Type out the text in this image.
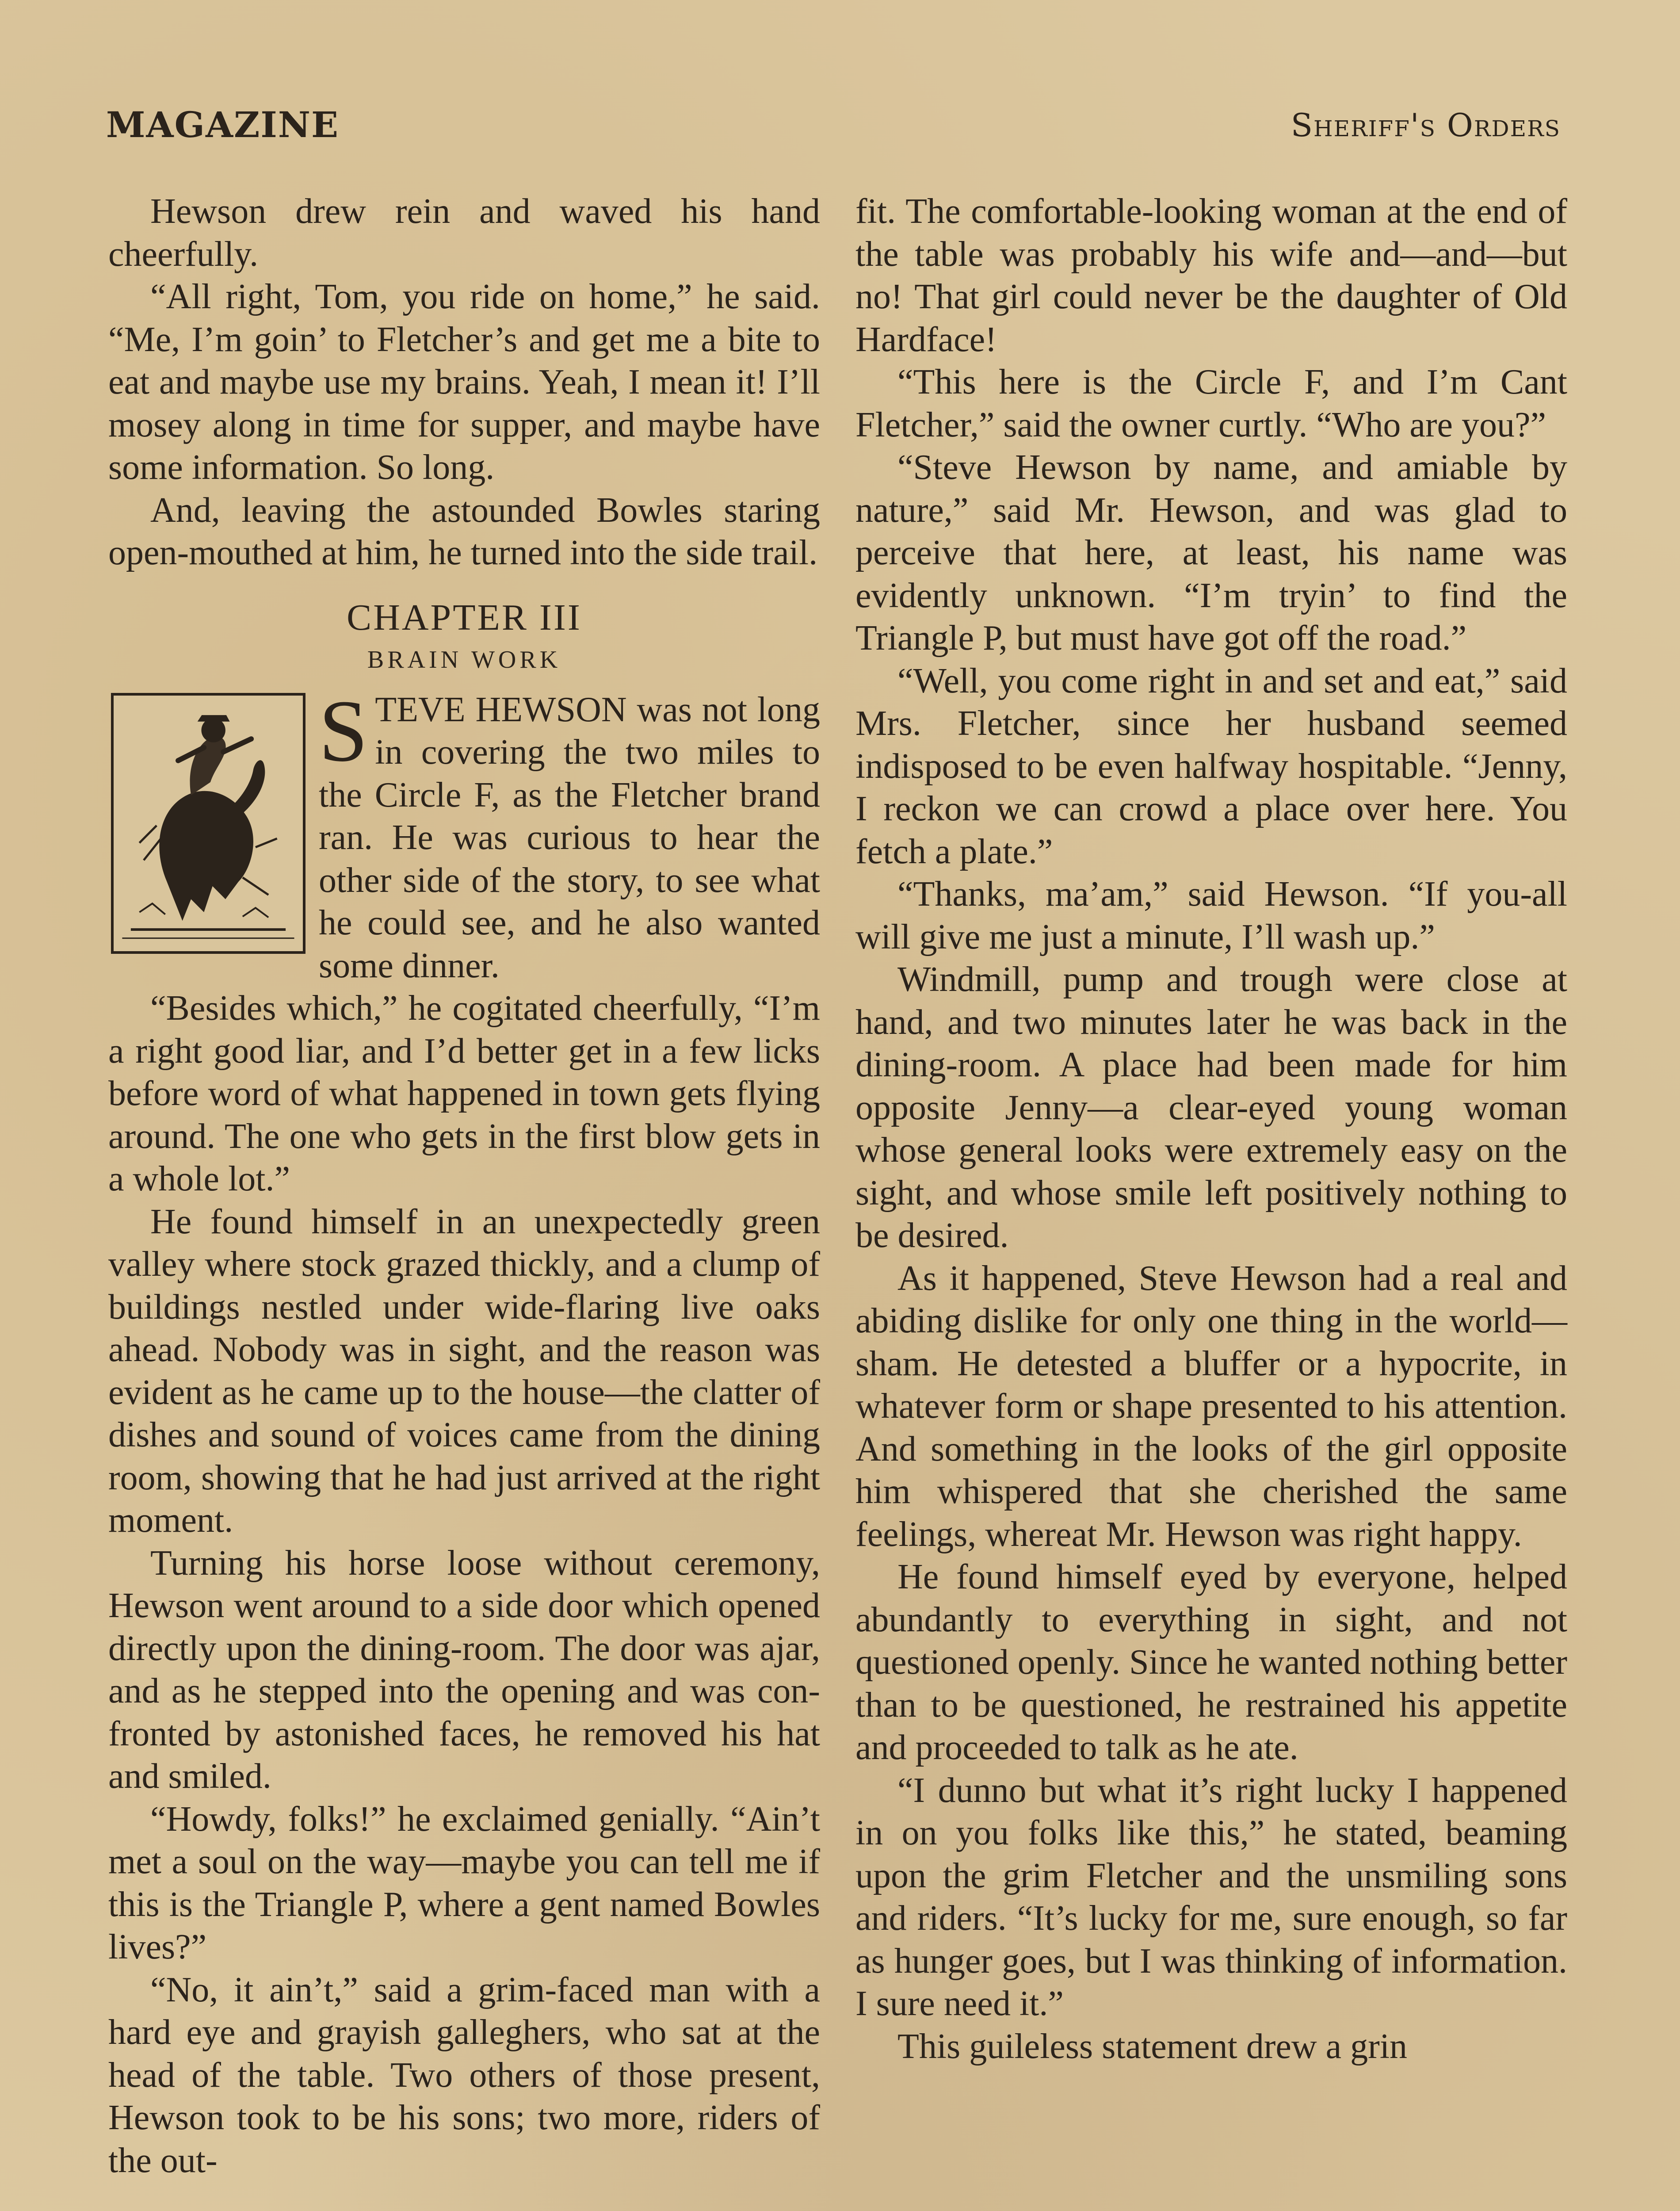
MAGAZINE	Sheriff's Orders

Hewson drew rein and waved his hand cheerfully.

“All right, Tom, you ride on home,” he said. “Me, I’m goin’ to Fletcher’s and get me a bite to eat and maybe use my brains. Yeah, I mean it! I’ll mosey along in time for supper, and maybe have some information. So long.

And, leaving the astounded Bowles staring open-mouthed at him, he turned into the side trail.

CHAPTER III
BRAIN WORK
S TEVE HEWSON was not long in covering the two miles to the Circle F, as the Fletcher brand ran. He was curious to hear the other side of the story, to see what he could see, and he also wanted some dinner.

“Besides which,” he cogitated cheerfully, “I’m a right good liar, and I’d better get in a few licks before word of what happened in town gets flying around. The one who gets in the first blow gets in a whole lot.”

He found himself in an unexpectedly green valley where stock grazed thickly, and a clump of buildings nestled under wide-flaring live oaks ahead. Nobody was in sight, and the reason was evident as he came up to the house—the clatter of dishes and sound of voices came from the dining room, showing that he had just arrived at the right moment.

Turning his horse loose without ceremony, Hewson went around to a side door which opened directly upon the dining-room. The door was ajar, and as he stepped into the opening and was confronted by astonished faces, he removed his hat and smiled.

“Howdy, folks!” he exclaimed genially. “Ain’t met a soul on the way—maybe you can tell me if this is the Triangle P, where a gent named Bowles lives?”

“No, it ain’t,” said a grim-faced man with a hard eye and grayish galleghers, who sat at the head of the table. Two others of those present, Hewson took to be his sons; two more, riders of the out-

fit. The comfortable-looking woman at the end of the table was probably his wife and—and—but no! That girl could never be the daughter of Old Hardface!

“This here is the Circle F, and I’m Cant Fletcher,” said the owner curtly. “Who are you?”

“Steve Hewson by name, and amiable by nature,” said Mr. Hewson, and was glad to perceive that here, at least, his name was evidently unknown. “I’m tryin’ to find the Triangle P, but must have got off the road.”

“Well, you come right in and set and eat,” said Mrs. Fletcher, since her husband seemed indisposed to be even halfway hospitable. “Jenny, I reckon we can crowd a place over here. You fetch a plate.”

“Thanks, ma’am,” said Hewson. “If you-all will give me just a minute, I’ll wash up.”

Windmill, pump and trough were close at hand, and two minutes later he was back in the dining-room. A place had been made for him opposite Jenny—a clear-eyed young woman whose general looks were extremely easy on the sight, and whose smile left positively nothing to be desired.

As it happened, Steve Hewson had a real and abiding dislike for only one thing in the world—sham. He detested a bluffer or a hypocrite, in whatever form or shape presented to his attention. And something in the looks of the girl opposite him whispered that she cherished the same feelings, whereat Mr. Hewson was right happy.

He found himself eyed by everyone, helped abundantly to everything in sight, and not questioned openly. Since he wanted nothing better than to be questioned, he restrained his appetite and proceeded to talk as he ate.

“I dunno but what it’s right lucky I happened in on you folks like this,” he stated, beaming upon the grim Fletcher and the unsmiling sons and riders. “It’s lucky for me, sure enough, so far as hunger goes, but I was thinking of information. I sure need it.”

This guileless statement drew a grin
